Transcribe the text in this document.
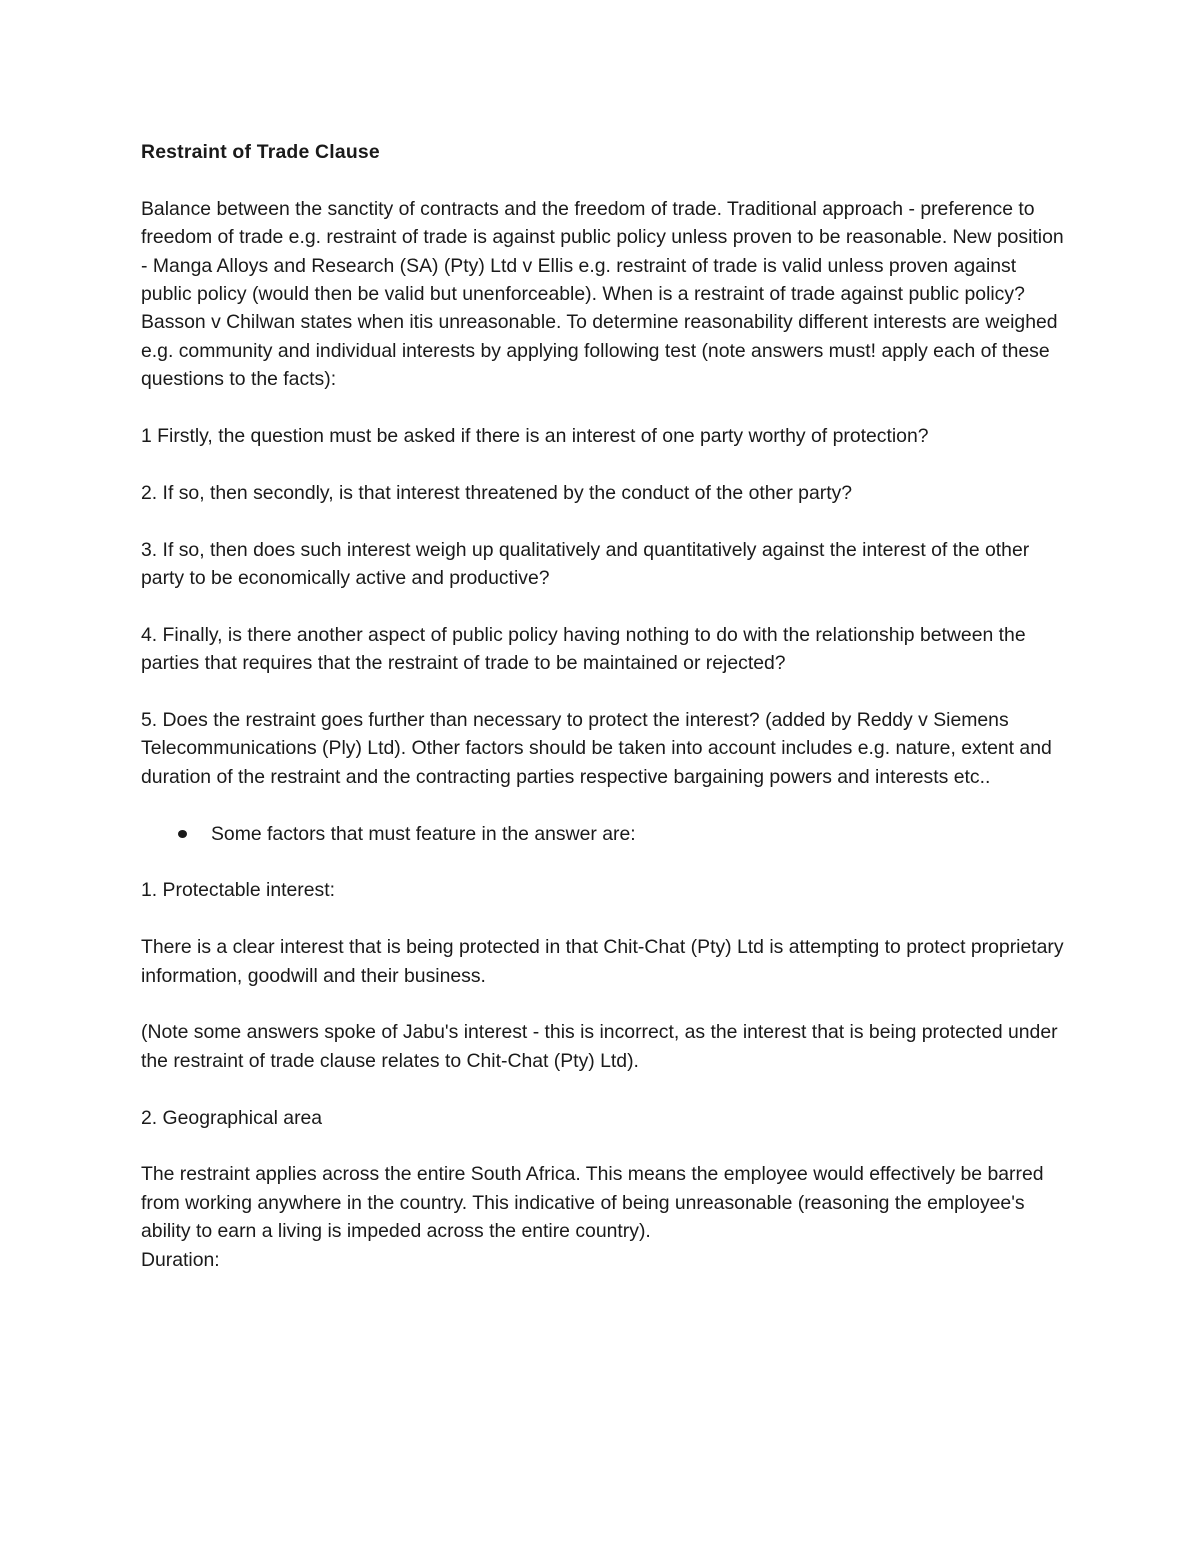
Restraint of Trade Clause

Balance between the sanctity of contracts and the freedom of trade. Traditional approach - preference to freedom of trade e.g. restraint of trade is against public policy unless proven to be reasonable. New position - Manga Alloys and Research (SA) (Pty) Ltd v Ellis e.g. restraint of trade is valid unless proven against public policy (would then be valid but unenforceable). When is a restraint of trade against public policy? Basson v Chilwan states when itis unreasonable. To determine reasonability different interests are weighed e.g. community and individual interests by applying following test (note answers must! apply each of these questions to the facts):

1 Firstly, the question must be asked if there is an interest of one party worthy of protection?

2. If so, then secondly, is that interest threatened by the conduct of the other party?

3. If so, then does such interest weigh up qualitatively and quantitatively against the interest of the other party to be economically active and productive?

4. Finally, is there another aspect of public policy having nothing to do with the relationship between the parties that requires that the restraint of trade to be maintained or rejected?

5. Does the restraint goes further than necessary to protect the interest? (added by Reddy v Siemens Telecommunications (Ply) Ltd). Other factors should be taken into account includes e.g. nature, extent and duration of the restraint and the contracting parties respective bargaining powers and interests etc..

Some factors that must feature in the answer are:

1. Protectable interest:

There is a clear interest that is being protected in that Chit-Chat (Pty) Ltd is attempting to protect proprietary information, goodwill and their business.

(Note some answers spoke of Jabu's interest - this is incorrect, as the interest that is being protected under the restraint of trade clause relates to Chit-Chat (Pty) Ltd).

2. Geographical area

The restraint applies across the entire South Africa. This means the employee would effectively be barred from working anywhere in the country. This indicative of being unreasonable (reasoning the employee's ability to earn a living is impeded across the entire country).
Duration:
